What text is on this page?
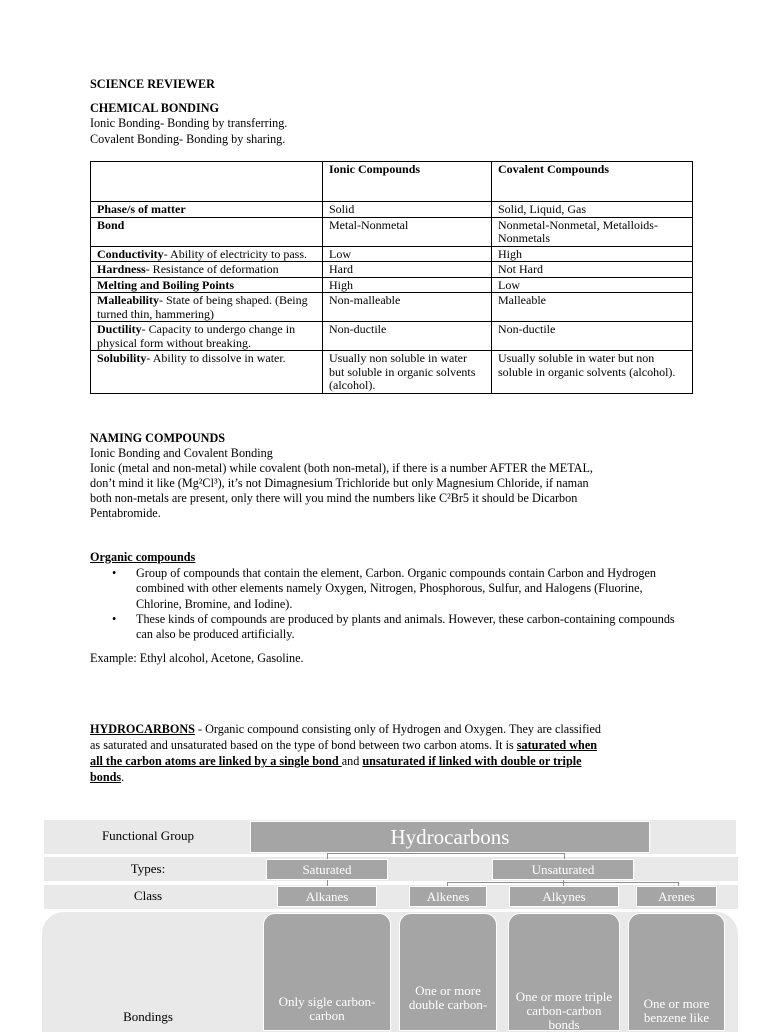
SCIENCE REVIEWER
CHEMICAL BONDING
Ionic Bonding- Bonding by transferring.
Covalent Bonding- Bonding by sharing.
	Ionic Compounds	Covalent Compounds
Phase/s of matter	Solid	Solid, Liquid, Gas
Bond	Metal-Nonmetal	Nonmetal-Nonmetal, Metalloids-Nonmetals
Conductivity- Ability of electricity to pass.	Low	High
Hardness- Resistance of deformation	Hard	Not Hard
Melting and Boiling Points	High	Low
Malleability- State of being shaped. (Being turned thin, hammering)	Non-malleable	Malleable
Ductility- Capacity to undergo change in physical form without breaking.	Non-ductile	Non-ductile
Solubility- Ability to dissolve in water.	Usually non soluble in water but soluble in organic solvents (alcohol).	Usually soluble in water but non soluble in organic solvents (alcohol).
NAMING COMPOUNDS
Ionic Bonding and Covalent Bonding
Ionic (metal and non-metal) while covalent (both non-metal), if there is a number AFTER the METAL,
don’t mind it like (Mg²Cl³), it’s not Dimagnesium Trichloride but only Magnesium Chloride, if naman
both non-metals are present, only there will you mind the numbers like C²Br5 it should be Dicarbon
Pentabromide.
Organic compounds
• Group of compounds that contain the element, Carbon. Organic compounds contain Carbon and Hydrogen combined with other elements namely Oxygen, Nitrogen, Phosphorous, Sulfur, and Halogens (Fluorine, Chlorine, Bromine, and Iodine).
• These kinds of compounds are produced by plants and animals. However, these carbon-containing compounds can also be produced artificially.
Example: Ethyl alcohol, Acetone, Gasoline.
HYDROCARBONS - Organic compound consisting only of Hydrogen and Oxygen. They are classified
as saturated and unsaturated based on the type of bond between two carbon atoms. It is saturated when
all the carbon atoms are linked by a single bond and unsaturated if linked with double or triple
bonds.
Functional Group
Types:
Class
Bondings
Hydrocarbons
Saturated	Unsaturated
Alkanes	Alkenes	Alkynes	Arenes
Only sigle carbon-carbon
One or more double carbon-
One or more triple carbon-carbon bonds
One or more benzene like
